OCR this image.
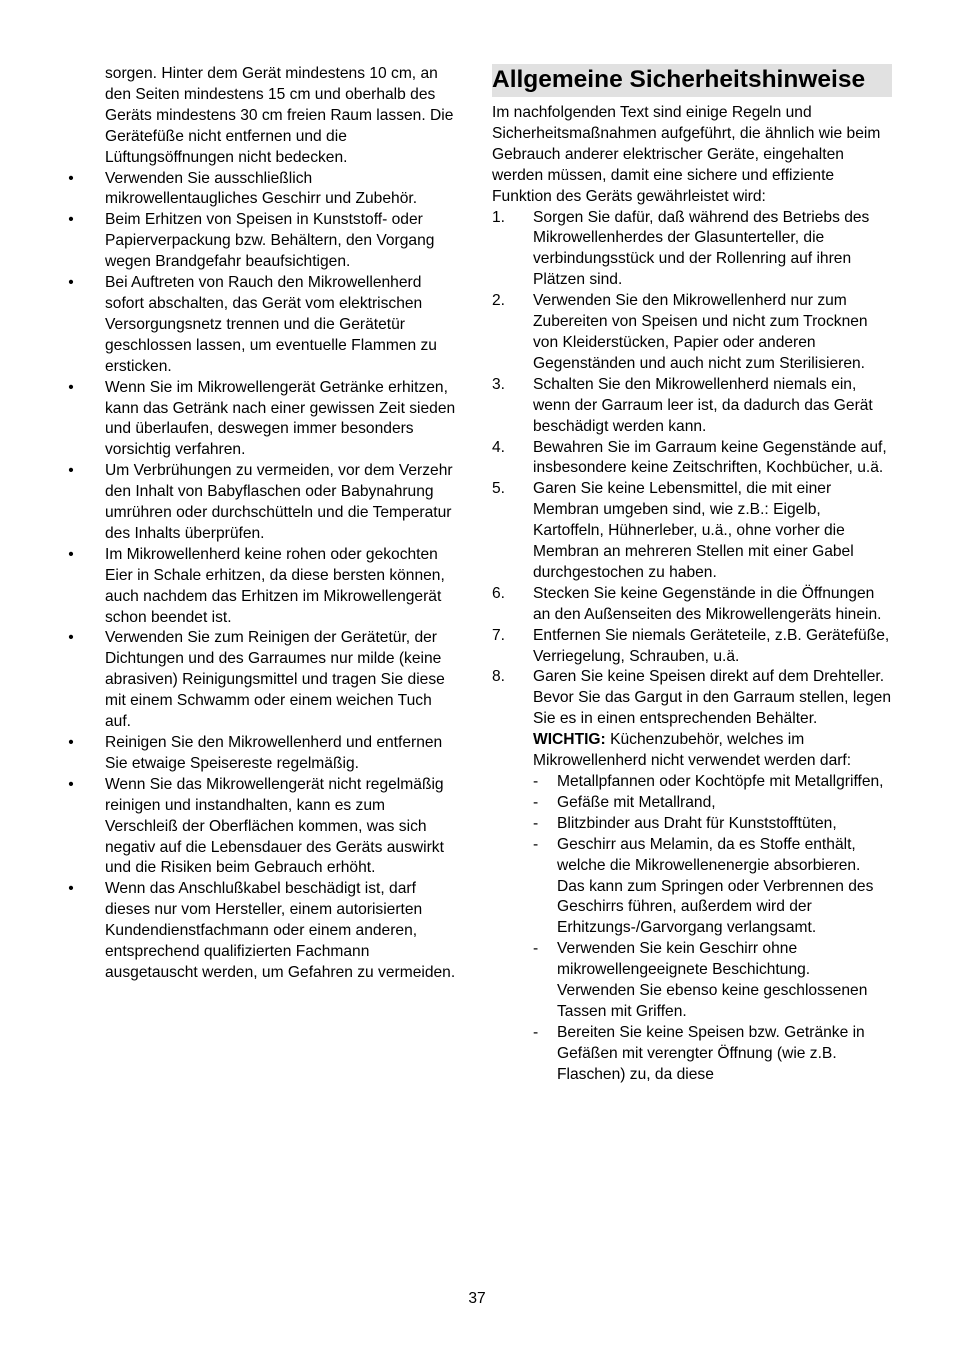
sorgen. Hinter dem Gerät mindestens 10 cm, an den Seiten mindestens 15 cm und oberhalb des Geräts mindestens 30 cm freien Raum lassen. Die Gerätefüße nicht entfernen und die Lüftungsöffnungen nicht bedecken.

• Verwenden Sie ausschließlich mikrowellentaugliches Geschirr und Zubehör.
• Beim Erhitzen von Speisen in Kunststoff- oder Papierverpackung bzw. Behältern, den Vorgang wegen Brandgefahr beaufsichtigen.
• Bei Auftreten von Rauch den Mikrowellenherd sofort abschalten, das Gerät vom elektrischen Versorgungsnetz trennen und die Gerätetür geschlossen lassen, um eventuelle Flammen zu ersticken.
• Wenn Sie im Mikrowellengerät Getränke erhitzen, kann das Getränk nach einer gewissen Zeit sieden und überlaufen, deswegen immer besonders vorsichtig verfahren.
• Um Verbrühungen zu vermeiden, vor dem Verzehr den Inhalt von Babyflaschen oder Babynahrung umrühren oder durchschütteln und die Temperatur des Inhalts überprüfen.
• Im Mikrowellenherd keine rohen oder gekochten Eier in Schale erhitzen, da diese bersten können, auch nachdem das Erhitzen im Mikrowellengerät schon beendet ist.
• Verwenden Sie zum Reinigen der Gerätetür, der Dichtungen und des Garraumes nur milde (keine abrasiven) Reinigungsmittel und tragen Sie diese mit einem Schwamm oder einem weichen Tuch auf.
• Reinigen Sie den Mikrowellenherd und entfernen Sie etwaige Speisereste regelmäßig.
• Wenn Sie das Mikrowellengerät nicht regelmäßig reinigen und instandhalten, kann es zum Verschleiß der Oberflächen kommen, was sich negativ auf die Lebensdauer des Geräts auswirkt und die Risiken beim Gebrauch erhöht.
• Wenn das Anschlußkabel beschädigt ist, darf dieses nur vom Hersteller, einem autorisierten Kundendienstfachmann oder einem anderen, entsprechend qualifizierten Fachmann ausgetauscht werden, um Gefahren zu vermeiden.
Allgemeine Sicherheitshinweise

Im nachfolgenden Text sind einige Regeln und Sicherheitsmaßnahmen aufgeführt, die ähnlich wie beim Gebrauch anderer elektrischer Geräte, eingehalten werden müssen, damit eine sichere und effiziente Funktion des Geräts gewährleistet wird:

1. Sorgen Sie dafür, daß während des Betriebs des Mikrowellenherdes der Glasunterteller, die verbindungsstück und der Rollenring auf ihren Plätzen sind.
2. Verwenden Sie den Mikrowellenherd nur zum Zubereiten von Speisen und nicht zum Trocknen von Kleiderstücken, Papier oder anderen Gegenständen und auch nicht zum Sterilisieren.
3. Schalten Sie den Mikrowellenherd niemals ein, wenn der Garraum leer ist, da dadurch das Gerät beschädigt werden kann.
4. Bewahren Sie im Garraum keine Gegenstände auf, insbesondere keine Zeitschriften, Kochbücher, u.ä.
5. Garen Sie keine Lebensmittel, die mit einer Membran umgeben sind, wie z.B.: Eigelb, Kartoffeln, Hühnerleber, u.ä., ohne vorher die Membran an mehreren Stellen mit einer Gabel durchgestochen zu haben.
6. Stecken Sie keine Gegenstände in die Öffnungen an den Außenseiten des Mikrowellengeräts hinein.
7. Entfernen Sie niemals Geräteteile, z.B. Gerätefüße, Verriegelung, Schrauben, u.ä.
8. Garen Sie keine Speisen direkt auf dem Drehteller. Bevor Sie das Gargut in den Garraum stellen, legen Sie es in einen entsprechenden Behälter.
WICHTIG: Küchenzubehör, welches im Mikrowellenherd nicht verwendet werden darf:
- Metallpfannen oder Kochtöpfe mit Metallgriffen,
- Gefäße mit Metallrand,
- Blitzbinder aus Draht für Kunststofftüten,
- Geschirr aus Melamin, da es Stoffe enthält, welche die Mikrowellenenergie absorbieren. Das kann zum Springen oder Verbrennen des Geschirrs führen, außerdem wird der Erhitzungs-/Garvorgang verlangsamt.
- Verwenden Sie kein Geschirr ohne mikrowellengeeignete Beschichtung. Verwenden Sie ebenso keine geschlossenen Tassen mit Griffen.
- Bereiten Sie keine Speisen bzw. Getränke in Gefäßen mit verengter Öffnung (wie z.B. Flaschen) zu, da diese
37
